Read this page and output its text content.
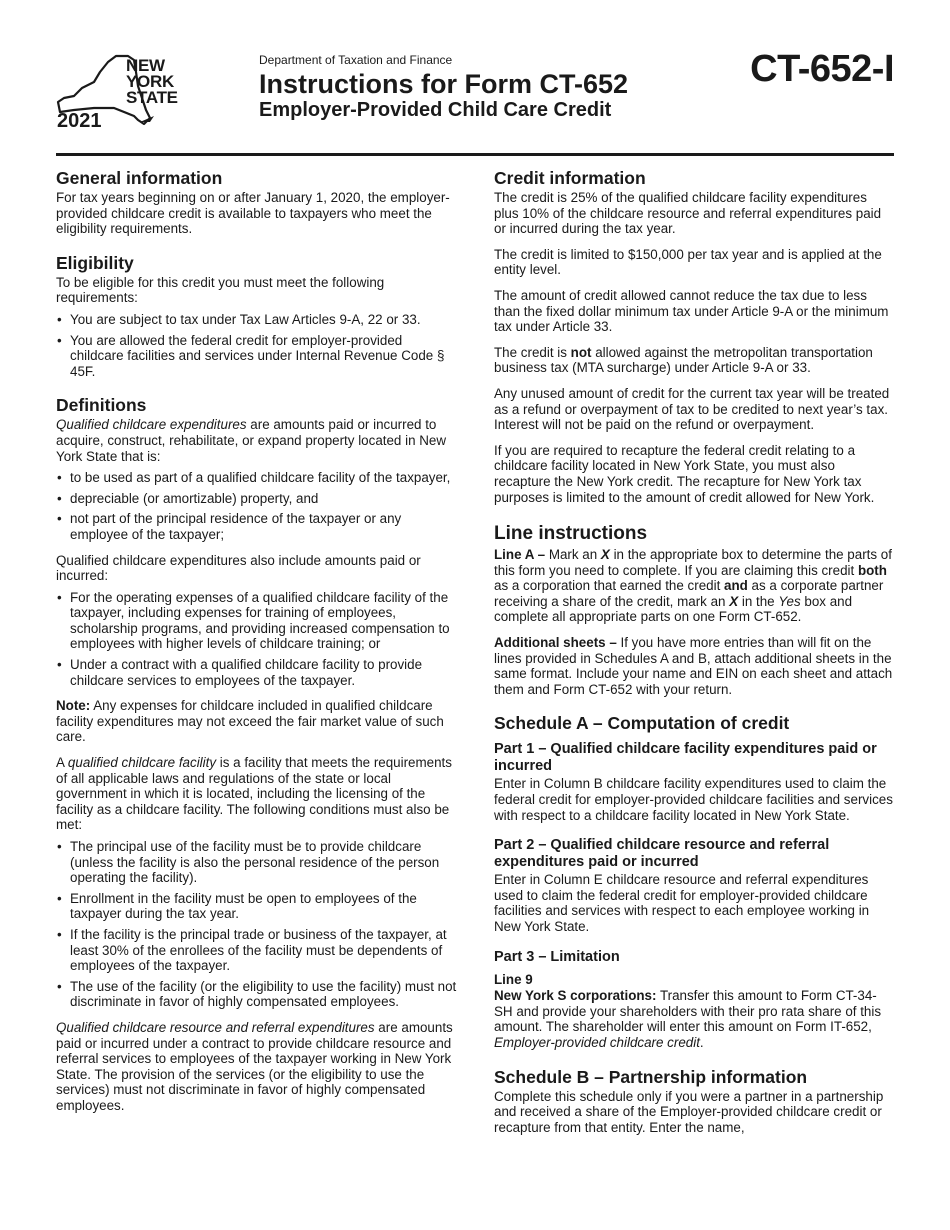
NEW
YORK
STATE
2021
Department of Taxation and Finance
Instructions for Form CT-652
Employer-Provided Child Care Credit
CT-652-I
General information

For tax years beginning on or after January 1, 2020, the employer-provided childcare credit is available to taxpayers who meet the eligibility requirements.

Eligibility

To be eligible for this credit you must meet the following requirements:

• You are subject to tax under Tax Law Articles 9-A, 22 or 33.
• You are allowed the federal credit for employer-provided childcare facilities and services under Internal Revenue Code § 45F.
Definitions

Qualified childcare expenditures are amounts paid or incurred to acquire, construct, rehabilitate, or expand property located in New York State that is:

• to be used as part of a qualified childcare facility of the taxpayer,
• depreciable (or amortizable) property, and
• not part of the principal residence of the taxpayer or any employee of the taxpayer;

Qualified childcare expenditures also include amounts paid or incurred:

• For the operating expenses of a qualified childcare facility of the taxpayer, including expenses for training of employees, scholarship programs, and providing increased compensation to employees with higher levels of childcare training; or
• Under a contract with a qualified childcare facility to provide childcare services to employees of the taxpayer.

Note: Any expenses for childcare included in qualified childcare facility expenditures may not exceed the fair market value of such care.

A qualified childcare facility is a facility that meets the requirements of all applicable laws and regulations of the state or local government in which it is located, including the licensing of the facility as a childcare facility. The following conditions must also be met:

• The principal use of the facility must be to provide childcare (unless the facility is also the personal residence of the person operating the facility).
• Enrollment in the facility must be open to employees of the taxpayer during the tax year.
• If the facility is the principal trade or business of the taxpayer, at least 30% of the enrollees of the facility must be dependents of employees of the taxpayer.
• The use of the facility (or the eligibility to use the facility) must not discriminate in favor of highly compensated employees.

Qualified childcare resource and referral expenditures are amounts paid or incurred under a contract to provide childcare resource and referral services to employees of the taxpayer working in New York State. The provision of the services (or the eligibility to use the services) must not discriminate in favor of highly compensated employees.

Credit information

The credit is 25% of the qualified childcare facility expenditures plus 10% of the childcare resource and referral expenditures paid or incurred during the tax year.

The credit is limited to $150,000 per tax year and is applied at the entity level.

The amount of credit allowed cannot reduce the tax due to less than the fixed dollar minimum tax under Article 9-A or the minimum tax under Article 33.

The credit is not allowed against the metropolitan transportation business tax (MTA surcharge) under Article 9-A or 33.

Any unused amount of credit for the current tax year will be treated as a refund or overpayment of tax to be credited to next year’s tax. Interest will not be paid on the refund or overpayment.

If you are required to recapture the federal credit relating to a childcare facility located in New York State, you must also recapture the New York credit. The recapture for New York tax purposes is limited to the amount of credit allowed for New York.

Line instructions

Line A – Mark an X in the appropriate box to determine the parts of this form you need to complete. If you are claiming this credit both as a corporation that earned the credit and as a corporate partner receiving a share of the credit, mark an X in the Yes box and complete all appropriate parts on one Form CT-652.

Additional sheets – If you have more entries than will fit on the lines provided in Schedules A and B, attach additional sheets in the same format. Include your name and EIN on each sheet and attach them and Form CT-652 with your return.

Schedule A – Computation of credit
Part 1 – Qualified childcare facility expenditures paid or incurred

Enter in Column B childcare facility expenditures used to claim the federal credit for employer-provided childcare facilities and services with respect to a childcare facility located in New York State.

Part 2 – Qualified childcare resource and referral expenditures paid or incurred

Enter in Column E childcare resource and referral expenditures used to claim the federal credit for employer-provided childcare facilities and services with respect to each employee working in New York State.

Part 3 – Limitation
Line 9

New York S corporations: Transfer this amount to Form CT-34-SH and provide your shareholders with their pro rata share of this amount. The shareholder will enter this amount on Form IT-652, Employer-provided childcare credit.

Schedule B – Partnership information

Complete this schedule only if you were a partner in a partnership and received a share of the Employer-provided childcare credit or recapture from that entity. Enter the name,
